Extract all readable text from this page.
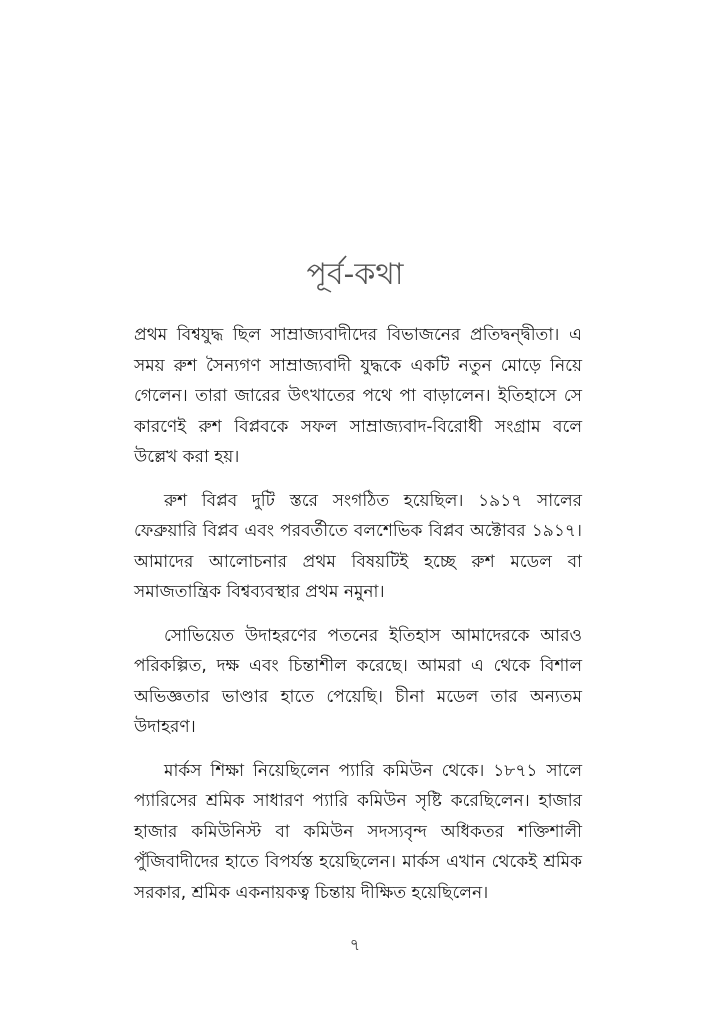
পূর্ব-কথা

প্রথম বিশ্বযুদ্ধ ছিল সাম্রাজ্যবাদীদের বিভাজনের প্রতিদ্বন্দ্বীতা। এ সময় রুশ সৈন্যগণ সাম্রাজ্যবাদী যুদ্ধকে একটি নতুন মোড়ে নিয়ে গেলেন। তারা জারের উৎখাতের পথে পা বাড়ালেন। ইতিহাসে সে কারণেই রুশ বিপ্লবকে সফল সাম্রাজ্যবাদ-বিরোধী সংগ্রাম বলে উল্লেখ করা হয়।

রুশ বিপ্লব দুটি স্তরে সংগঠিত হয়েছিল। ১৯১৭ সালের ফেব্রুয়ারি বিপ্লব এবং পরবর্তীতে বলশেভিক বিপ্লব অক্টোবর ১৯১৭। আমাদের আলোচনার প্রথম বিষয়টিই হচ্ছে রুশ মডেল বা সমাজতান্ত্রিক বিশ্বব্যবস্থার প্রথম নমুনা।

সোভিয়েত উদাহরণের পতনের ইতিহাস আমাদেরকে আরও পরিকল্পিত, দক্ষ এবং চিন্তাশীল করেছে। আমরা এ থেকে বিশাল অভিজ্ঞতার ভাণ্ডার হাতে পেয়েছি। চীনা মডেল তার অন্যতম উদাহরণ।

মার্কস শিক্ষা নিয়েছিলেন প্যারি কমিউন থেকে। ১৮৭১ সালে প্যারিসের শ্রমিক সাধারণ প্যারি কমিউন সৃষ্টি করেছিলেন। হাজার হাজার কমিউনিস্ট বা কমিউন সদস্যবৃন্দ অধিকতর শক্তিশালী পুঁজিবাদীদের হাতে বিপর্যস্ত হয়েছিলেন। মার্কস এখান থেকেই শ্রমিক সরকার, শ্রমিক একনায়কত্ব চিন্তায় দীক্ষিত হয়েছিলেন।

৭
